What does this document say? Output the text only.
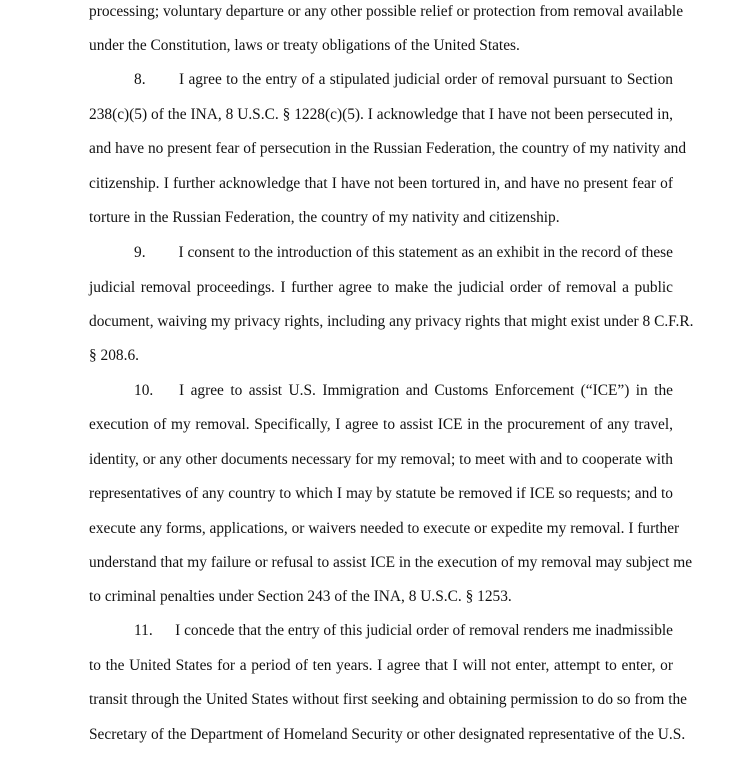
processing; voluntary departure or any other possible relief or protection from removal available
under the Constitution, laws or treaty obligations of the United States.
8.	I agree to the entry of a stipulated judicial order of removal pursuant to Section
238(c)(5) of the INA, 8 U.S.C. § 1228(c)(5). I acknowledge that I have not been persecuted in,
and have no present fear of persecution in the Russian Federation, the country of my nativity and
citizenship. I further acknowledge that I have not been tortured in, and have no present fear of
torture in the Russian Federation, the country of my nativity and citizenship.
9.	I consent to the introduction of this statement as an exhibit in the record of these
judicial removal proceedings. I further agree to make the judicial order of removal a public
document, waiving my privacy rights, including any privacy rights that might exist under 8 C.F.R.
§ 208.6.
10.	I agree to assist U.S. Immigration and Customs Enforcement (“ICE”) in the
execution of my removal. Specifically, I agree to assist ICE in the procurement of any travel,
identity, or any other documents necessary for my removal; to meet with and to cooperate with
representatives of any country to which I may by statute be removed if ICE so requests; and to
execute any forms, applications, or waivers needed to execute or expedite my removal. I further
understand that my failure or refusal to assist ICE in the execution of my removal may subject me
to criminal penalties under Section 243 of the INA, 8 U.S.C. § 1253.
11.	I concede that the entry of this judicial order of removal renders me inadmissible
to the United States for a period of ten years. I agree that I will not enter, attempt to enter, or
transit through the United States without first seeking and obtaining permission to do so from the
Secretary of the Department of Homeland Security or other designated representative of the U.S.
